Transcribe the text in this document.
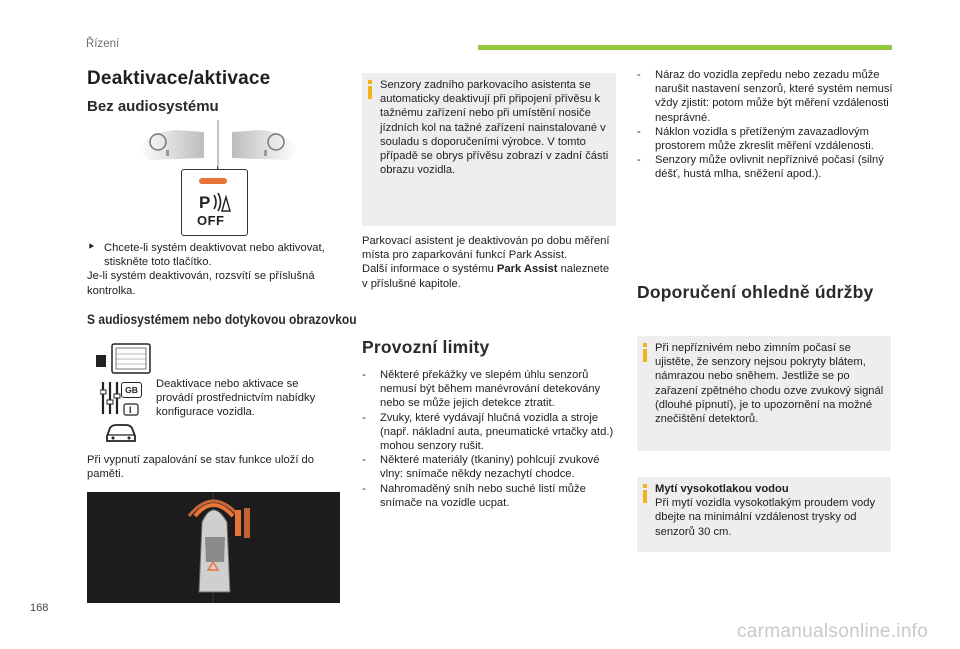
Řízení
Deaktivace/aktivace
Bez audiosystému
P
OFF
⯈ Chcete-li systém deaktivovat nebo aktivovat, stiskněte toto tlačítko.
Je-li systém deaktivován, rozsvítí se příslušná kontrolka.
S audiosystémem nebo dotykovou obrazovkou
I
GB	Deaktivace nebo aktivace se provádí prostřednictvím nabídky konfigurace vozidla.
Při vypnutí zapalování se stav funkce uloží do paměti.
Senzory zadního parkovacího asistenta se automaticky deaktivují při připojení přívěsu k tažnému zařízení nebo při umístění nosiče jízdních kol na tažné zařízení nainstalované v souladu s doporučeními výrobce. V tomto případě se obrys přívěsu zobrazí v zadní části obrazu vozidla.
Parkovací asistent je deaktivován po dobu měření místa pro zaparkování funkcí Park Assist.
Další informace o systému Park Assist naleznete v příslušné kapitole.
Provozní limity
- Některé překážky ve slepém úhlu senzorů nemusí být během manévrování detekovány nebo se může jejich detekce ztratit.
- Zvuky, které vydávají hlučná vozidla a stroje (např. nákladní auta, pneumatické vrtačky atd.) mohou senzory rušit.
- Některé materiály (tkaniny) pohlcují zvukové vlny: snímače někdy nezachytí chodce.
- Nahromaděný sníh nebo suché listí může snímače na vozidle ucpat.
- Náraz do vozidla zepředu nebo zezadu může narušit nastavení senzorů, které systém nemusí vždy zjistit: potom může být měření vzdálenosti nesprávné.
- Náklon vozidla s přetíženým zavazadlovým prostorem může zkreslit měření vzdálenosti.
- Senzory může ovlivnit nepříznivé počasí (silný déšť, hustá mlha, sněžení apod.).
Doporučení ohledně údržby
Při nepříznivém nebo zimním počasí se ujistěte, že senzory nejsou pokryty blátem, námrazou nebo sněhem. Jestliže se po zařazení zpětného chodu ozve zvukový signál (dlouhé pípnutí), je to upozornění na možné znečištění detektorů.
Mytí vysokotlakou vodou
Při mytí vozidla vysokotlakým proudem vody dbejte na minimální vzdálenost trysky od senzorů 30 cm.
168
carmanualsonline.info
